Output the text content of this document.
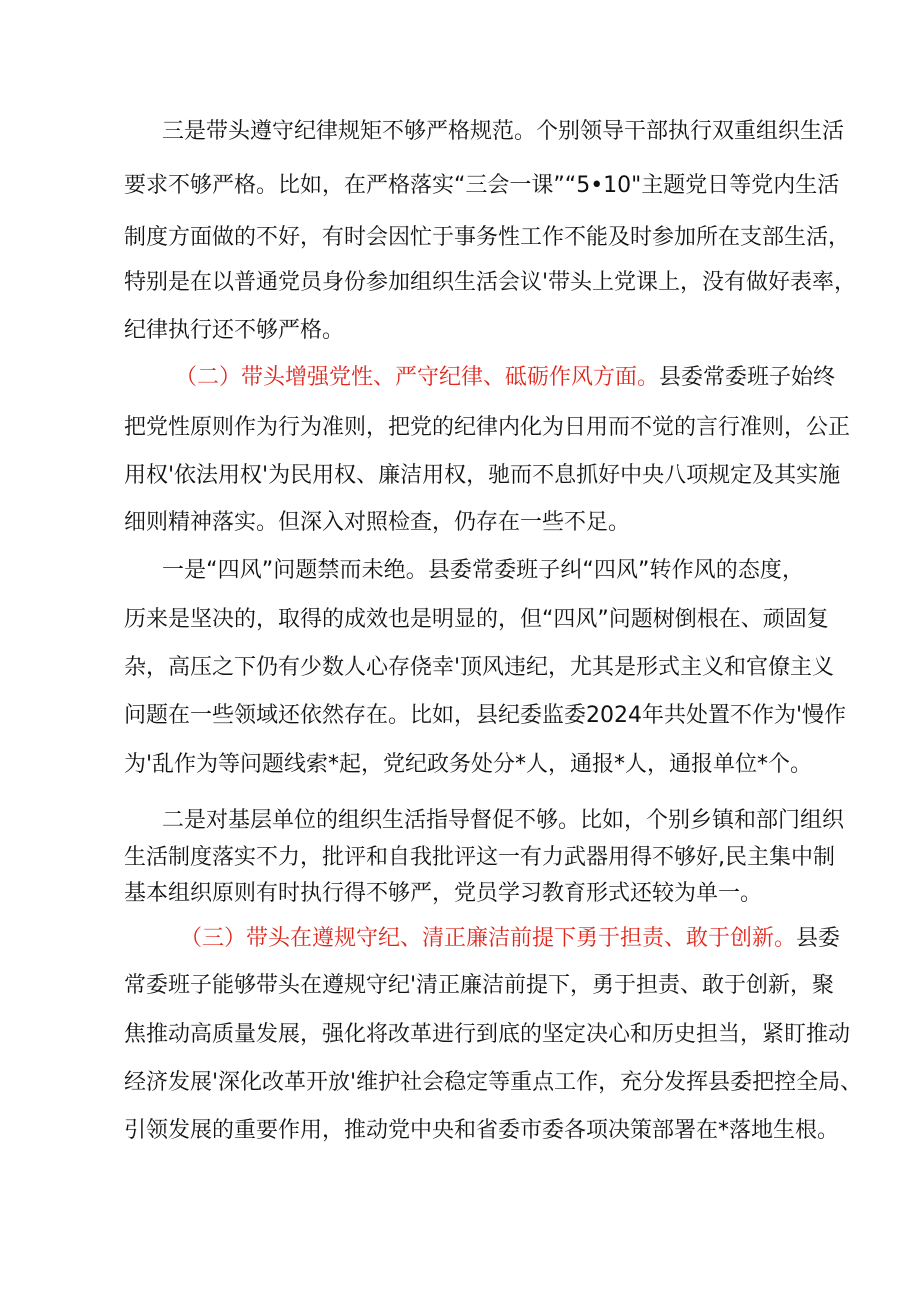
三是带头遵守纪律规矩不够严格规范。个别领导干部执行双重组织生活
要求不够严格。比如，在严格落实“三会一课”“5•10"主题党日等党内生活
制度方面做的不好，有时会因忙于事务性工作不能及时参加所在支部生活，
特别是在以普通党员身份参加组织生活会议'带头上党课上，没有做好表率，
纪律执行还不够严格。
（二）带头增强党性、严守纪律、砥砺作风方面。县委常委班子始终
把党性原则作为行为准则，把党的纪律内化为日用而不觉的言行准则，公正
用权'依法用权'为民用权、廉洁用权，驰而不息抓好中央八项规定及其实施
细则精神落实。但深入对照检查，仍存在一些不足。
一是“四风”问题禁而未绝。县委常委班子纠“四风”转作风的态度，
历来是坚决的，取得的成效也是明显的，但“四风”问题树倒根在、顽固复
杂，高压之下仍有少数人心存侥幸'顶风违纪，尤其是形式主义和官僚主义
问题在一些领域还依然存在。比如，县纪委监委2024年共处置不作为'慢作
为'乱作为等问题线索*起，党纪政务处分*人，通报*人，通报单位*个。
二是对基层单位的组织生活指导督促不够。比如，个别乡镇和部门组织
生活制度落实不力，批评和自我批评这一有力武器用得不够好,民主集中制
基本组织原则有时执行得不够严，党员学习教育形式还较为单一。
（三）带头在遵规守纪、清正廉洁前提下勇于担责、敢于创新。县委
常委班子能够带头在遵规守纪'清正廉洁前提下，勇于担责、敢于创新，聚
焦推动高质量发展，强化将改革进行到底的坚定决心和历史担当，紧盯推动
经济发展'深化改革开放'维护社会稳定等重点工作，充分发挥县委把控全局、
引领发展的重要作用，推动党中央和省委市委各项决策部署在*落地生根。
